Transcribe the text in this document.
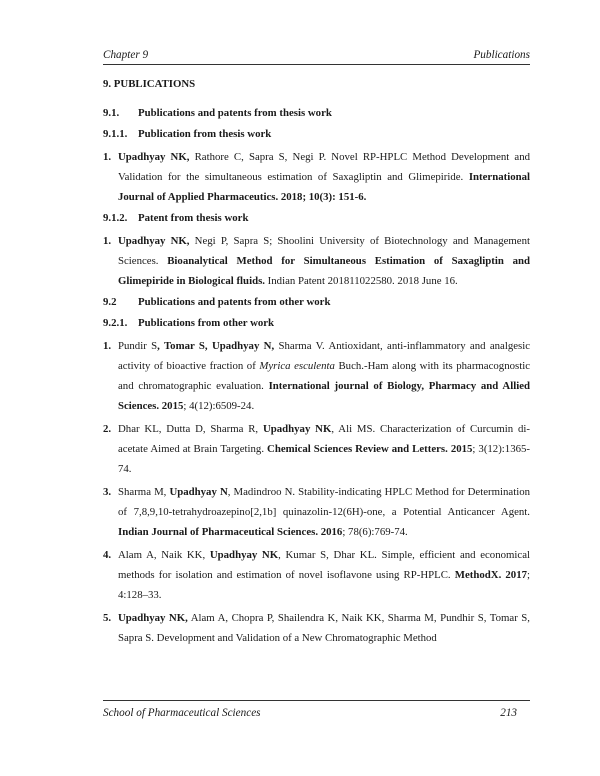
Chapter 9	Publications
9. PUBLICATIONS
9.1. Publications and patents from thesis work
9.1.1. Publication from thesis work
1. Upadhyay NK, Rathore C, Sapra S, Negi P. Novel RP-HPLC Method Development and Validation for the simultaneous estimation of Saxagliptin and Glimepiride. International Journal of Applied Pharmaceutics. 2018; 10(3): 151-6.
9.1.2. Patent from thesis work
1. Upadhyay NK, Negi P, Sapra S; Shoolini University of Biotechnology and Management Sciences. Bioanalytical Method for Simultaneous Estimation of Saxagliptin and Glimepiride in Biological fluids. Indian Patent 201811022580. 2018 June 16.
9.2 Publications and patents from other work
9.2.1. Publications from other work
1. Pundir S, Tomar S, Upadhyay N, Sharma V. Antioxidant, anti-inflammatory and analgesic activity of bioactive fraction of Myrica esculenta Buch.-Ham along with its pharmacognostic and chromatographic evaluation. International journal of Biology, Pharmacy and Allied Sciences. 2015; 4(12):6509-24.
2. Dhar KL, Dutta D, Sharma R, Upadhyay NK, Ali MS. Characterization of Curcumin di-acetate Aimed at Brain Targeting. Chemical Sciences Review and Letters. 2015; 3(12):1365-74.
3. Sharma M, Upadhyay N, Madindroo N. Stability-indicating HPLC Method for Determination of 7,8,9,10-tetrahydroazepino[2,1b] quinazolin-12(6H)-one, a Potential Anticancer Agent. Indian Journal of Pharmaceutical Sciences. 2016; 78(6):769-74.
4. Alam A, Naik KK, Upadhyay NK, Kumar S, Dhar KL. Simple, efficient and economical methods for isolation and estimation of novel isoflavone using RP-HPLC. MethodX. 2017; 4:128–33.
5. Upadhyay NK, Alam A, Chopra P, Shailendra K, Naik KK, Sharma M, Pundhir S, Tomar S, Sapra S. Development and Validation of a New Chromatographic Method
School of Pharmaceutical Sciences	213
